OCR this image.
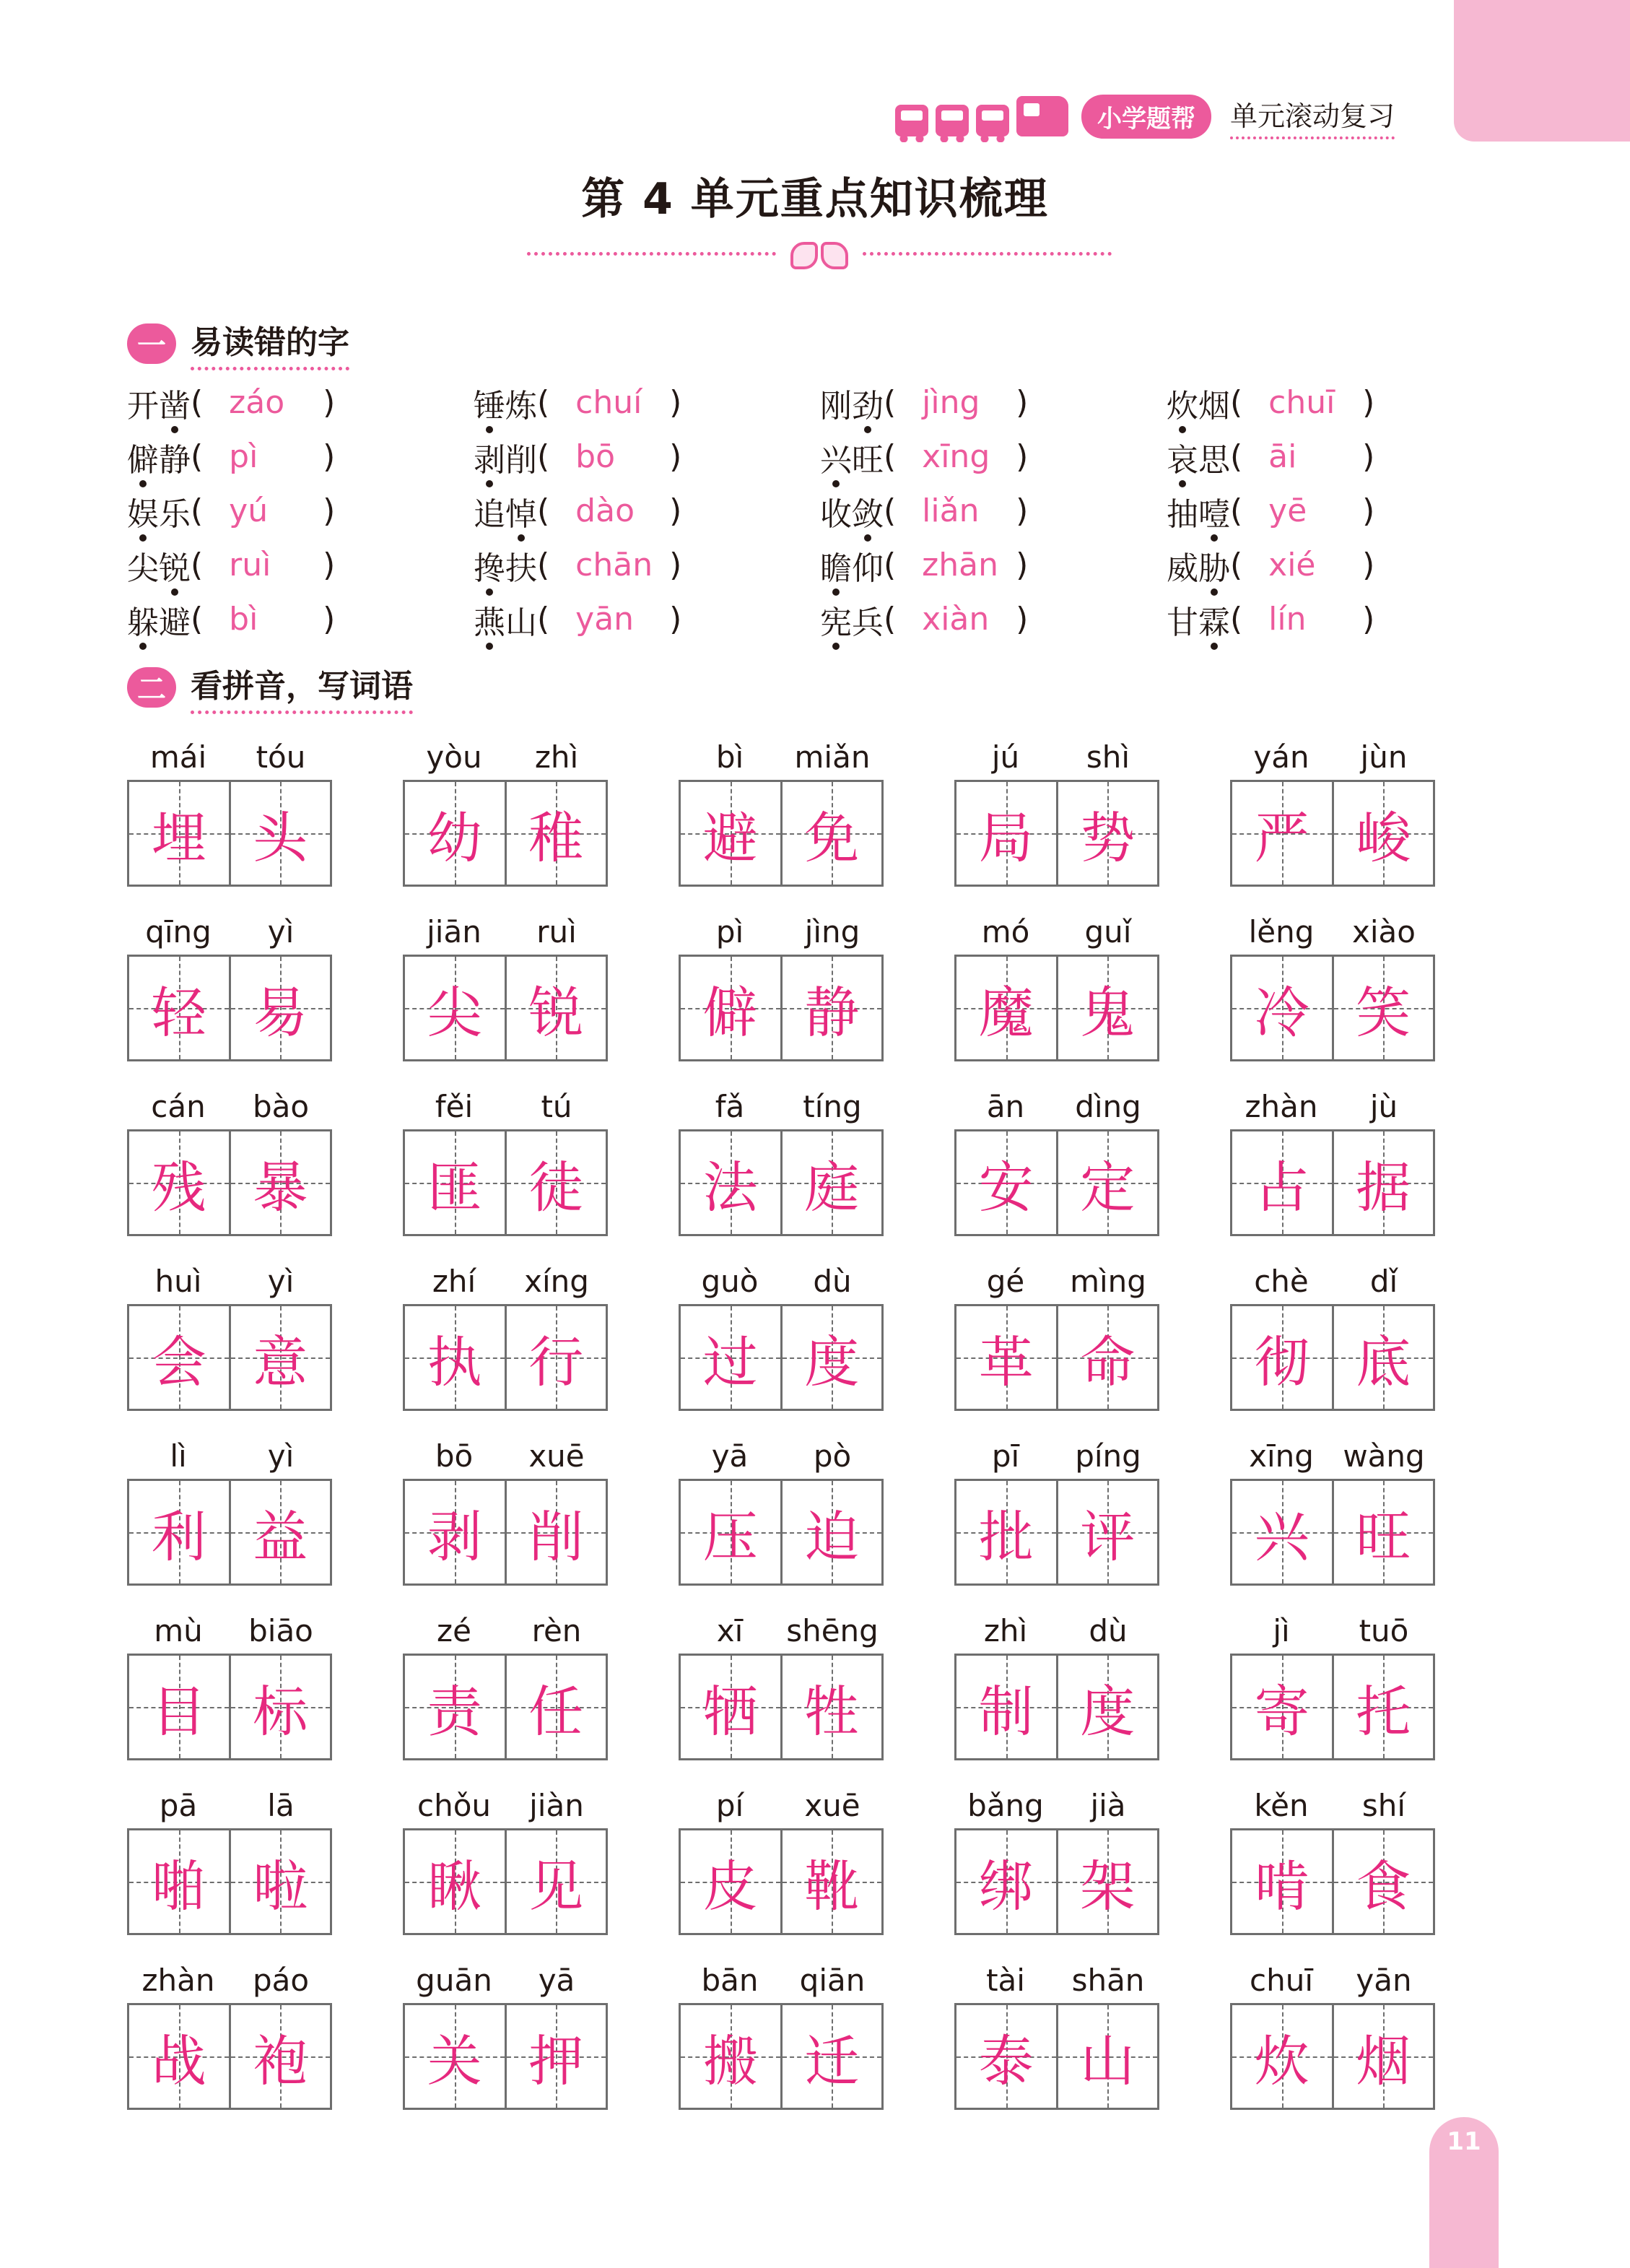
小学题帮	单元滚动复习
第 4 单元重点知识梳理
一 易读错的字
开凿 ( záo	)	锤炼 ( chuí )	刚劲 ( jìng	)	炊烟 ( chuī )
僻静 ( pì	)	剥削 ( bō	)	兴旺 ( xīng )	哀思 ( āi	)
娱乐 ( yú	)	追悼 ( dào	)	收敛 ( liǎn	)	抽噎 ( yē	)
尖锐 ( ruì	)	搀扶 ( chān )	瞻仰 ( zhān )	威胁 ( xié	)
躲避 ( bì	)	燕山 ( yān	)	宪兵 ( xiàn )	甘霖 ( lín	)
二 看拼音，写词语
mái	tóu
埋 头
yòu	zhì
幼 稚
bì	miǎn
避 免
jú	shì
局 势
yán	jùn
严 峻
qīng	yì
轻 易
jiān	ruì
尖 锐
pì	jìng
僻 静
mó	guǐ
魔 鬼
lěng	xiào
冷 笑
cán	bào
残 暴
fěi	tú
匪 徒
fǎ	tíng
法 庭
ān	dìng
安 定
zhàn	jù
占 据
huì	yì
会 意
zhí	xíng
执 行
guò	dù
过 度
gé	mìng
革 命
chè	dǐ
彻 底
lì	yì
利 益
bō	xuē
剥 削
yā	pò
压 迫
pī	píng
批 评
xīng wàng
兴 旺
mù	biāo
目 标
zé	rèn
责 任
xī	shēng
牺 牲
zhì	dù
制 度
jì	tuō
寄 托
pā	lā
啪 啦
chǒu	jiàn
瞅 见
pí	xuē
皮 靴
bǎng	jià
绑 架
kěn	shí
啃 食
zhàn	páo
战 袍
guān	yā
关 押
bān	qiān
搬 迁
tài	shān
泰 山
chuī	yān
炊 烟
11
